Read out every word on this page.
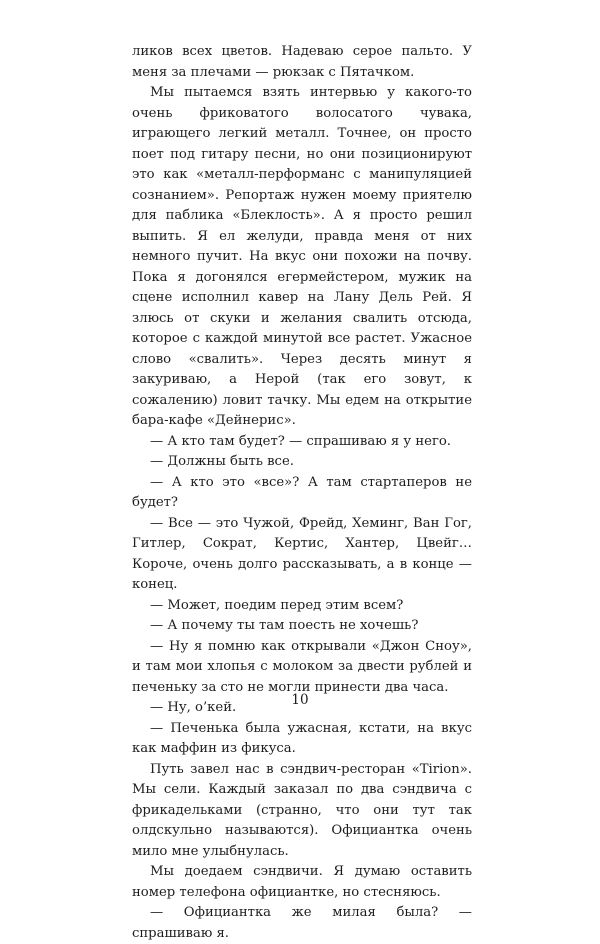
ликов всех цветов. Надеваю серое пальто. У меня за плечами — рюкзак с Пятачком.

Мы пытаемся взять интервью у какого-то очень фриковатого волосатого чувака, играющего легкий металл. Точнее, он просто поет под гитару песни, но они позиционируют это как «металл-перформанс с манипуляцией сознанием». Репортаж нужен моему приятелю для паблика «Блеклость». А я просто решил выпить. Я ел желуди, правда меня от них немного пучит. На вкус они похожи на почву. Пока я догонялся егермейстером, мужик на сцене исполнил кавер на Лану Дель Рей. Я злюсь от скуки и желания свалить отсюда, которое с каждой минутой все растет. Ужасное слово «свалить». Через десять минут я закуриваю, а Нерой (так его зовут, к сожалению) ловит тачку. Мы едем на открытие бара-кафе «Дейнерис».

— А кто там будет? — спрашиваю я у него.

— Должны быть все.

— А кто это «все»? А там стартаперов не будет?

— Все — это Чужой, Фрейд, Хеминг, Ван Гог, Гитлер, Сократ, Кертис, Хантер, Цвейг… Короче, очень долго рассказывать, а в конце — конец.

— Может, поедим перед этим всем?

— А почему ты там поесть не хочешь?

— Ну я помню как открывали «Джон Сноу», и там мои хлопья с молоком за двести рублей и печеньку за сто не могли принести два часа.

— Ну, о’кей.

— Печенька была ужасная, кстати, на вкус как маффин из фикуса.

Путь завел нас в сэндвич-ресторан «Tirion». Мы сели. Каждый заказал по два сэндвича с фрикадельками (странно, что они тут так олдскульно называются). Официантка очень мило мне улыбнулась.

Мы доедаем сэндвичи. Я думаю оставить номер телефона официантке, но стесняюсь.

— Официантка же милая была? — спрашиваю я.

10
